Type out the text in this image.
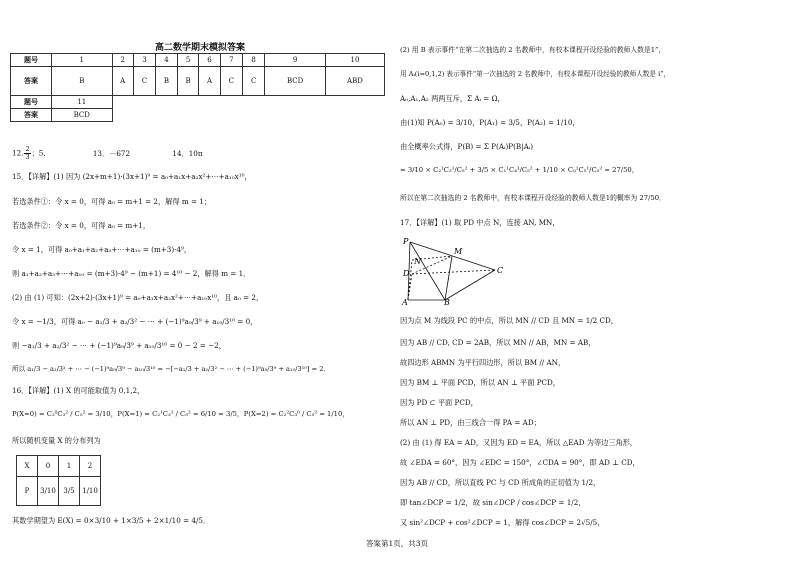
高二数学期末模拟答案
题号	1	2	3	4	5	6	7	8	9	10
答案	B	A	C	B	B	A	C	C	BCD	ABD
题号	11									
答案	BCD									
12. $\frac{2}{3}$ ；5．	13．－672	14．10π
15．【详解】(1) 因为 (2x+m+1)·(3x+1)⁹ = a₀+a₁x+a₂x²+⋯+a₁₀x¹⁰，
若选条件①：令 x = 0，可得 a₀ = m+1 = 2，解得 m = 1；
若选条件②：令 x = 0，可得 a₀ = m+1，
令 x = 1，可得 a₀+a₁+a₂+a₃+⋯+a₁₀ = (m+3)·4⁹，
则 a₁+a₂+a₃+⋯+a₁₀ = (m+3)·4⁹ − (m+1) = 4¹⁰ − 2，解得 m = 1．
(2) 由 (1) 可知：(2x+2)·(3x+1)⁹ = a₀+a₁x+a₂x²+⋯+a₁₀x¹⁰，且 a₀ = 2，
令 x = −1/3，可得 a₀ − a₁/3 + a₂/3² − ⋯ + (−1)⁹a₉/3⁹ + a₁₀/3¹⁰ = 0，
则 −a₁/3 + a₂/3² − ⋯ + (−1)⁹a₉/3⁹ + a₁₀/3¹⁰ = 0 − 2 = −2，
所以 a₁/3 − a₂/3² + ⋯ − (−1)⁹a₉/3⁹ − a₁₀/3¹⁰ = −[−a₁/3 + a₂/3² − ⋯ + (−1)⁹a₉/3⁹ + a₁₀/3¹⁰] = 2．
16．【详解】(1) X 的可能取值为 0,1,2，
P(X=0) = C₂⁰C₃² / C₅² = 3/10，P(X=1) = C₂¹C₃¹ / C₅² = 6/10 = 3/5，P(X=2) = C₂²C₃⁰ / C₅² = 1/10，
所以随机变量 X 的分布列为
X	0	1	2
P	3/10	3/5	1/10
其数学期望为 E(X) = 0×3/10 + 1×3/5 + 2×1/10 = 4/5．
(2) 用 B 表示事件“在第二次抽选的 2 名教师中，有校本课程开设经验的教师人数是1”，
用 Aᵢ(i=0,1,2) 表示事件“第一次抽选的 2 名教师中，有校本课程开设经验的教师人数是 i”，
A₀,A₁,A₂ 两两互斥，Σ Aᵢ = Ω，
由(1)知 P(A₀) = 3/10，P(A₁) = 3/5，P(A₂) = 1/10，
由全概率公式得，P(B) = Σ P(Aᵢ)P(B|Aᵢ)
= 3/10 × C₂¹C₃¹/C₅² + 3/5 × C₁¹C₄¹/C₅² + 1/10 × C₀¹C₅¹/C₅² = 27/50，
所以在第二次抽选的 2 名教师中，有校本课程开设经验的教师人数是1的概率为 27/50．
17．【详解】(1) 取 PD 中点 N，连接 AN, MN，
P
M
N
D	C
A	B
因为点 M 为线段 PC 的中点，所以 MN // CD 且 MN = 1/2 CD，
因为 AB // CD, CD = 2AB，所以 MN // AB，MN = AB，
故四边形 ABMN 为平行四边形，所以 BM // AN，
因为 BM ⊥ 平面 PCD，所以 AN ⊥ 平面 PCD，
因为 PD ⊂ 平面 PCD，
所以 AN ⊥ PD，由三线合一得 PA = AD；
(2) 由 (1) 得 EA = AD，又因为 ED = EA，所以 △EAD 为等边三角形，
故 ∠EDA = 60°，因为 ∠EDC = 150°，∠CDA = 90°，即 AD ⊥ CD，
因为 AB // CD，所以直线 PC 与 CD 所成角的正切值为 1/2，
即 tan∠DCP = 1/2，故 sin∠DCP / cos∠DCP = 1/2，
又 sin²∠DCP + cos²∠DCP = 1，解得 cos∠DCP = 2√5/5，
答案第1页，共3页
